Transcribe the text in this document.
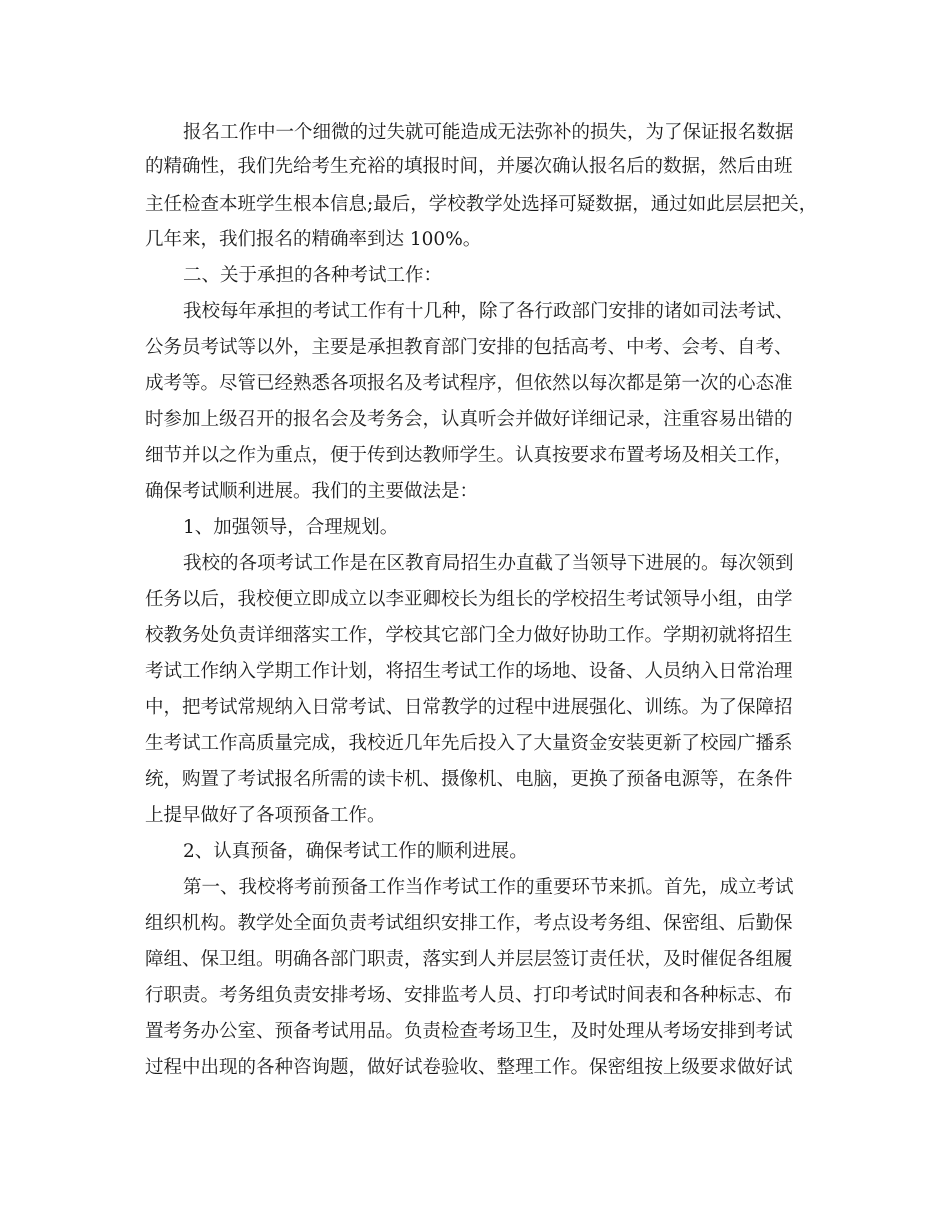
报名工作中一个细微的过失就可能造成无法弥补的损失，为了保证报名数据
的精确性，我们先给考生充裕的填报时间，并屡次确认报名后的数据，然后由班
主任检查本班学生根本信息;最后，学校教学处选择可疑数据，通过如此层层把关，
几年来，我们报名的精确率到达 100%。
二、关于承担的各种考试工作：
我校每年承担的考试工作有十几种，除了各行政部门安排的诸如司法考试、
公务员考试等以外，主要是承担教育部门安排的包括高考、中考、会考、自考、
成考等。尽管已经熟悉各项报名及考试程序，但依然以每次都是第一次的心态准
时参加上级召开的报名会及考务会，认真听会并做好详细记录，注重容易出错的
细节并以之作为重点，便于传到达教师学生。认真按要求布置考场及相关工作，
确保考试顺利进展。我们的主要做法是：
1、加强领导，合理规划。
我校的各项考试工作是在区教育局招生办直截了当领导下进展的。每次领到
任务以后，我校便立即成立以李亚卿校长为组长的学校招生考试领导小组，由学
校教务处负责详细落实工作，学校其它部门全力做好协助工作。学期初就将招生
考试工作纳入学期工作计划，将招生考试工作的场地、设备、人员纳入日常治理
中，把考试常规纳入日常考试、日常教学的过程中进展强化、训练。为了保障招
生考试工作高质量完成，我校近几年先后投入了大量资金安装更新了校园广播系
统，购置了考试报名所需的读卡机、摄像机、电脑，更换了预备电源等，在条件
上提早做好了各项预备工作。
2、认真预备，确保考试工作的顺利进展。
第一、我校将考前预备工作当作考试工作的重要环节来抓。首先，成立考试
组织机构。教学处全面负责考试组织安排工作，考点设考务组、保密组、后勤保
障组、保卫组。明确各部门职责，落实到人并层层签订责任状，及时催促各组履
行职责。考务组负责安排考场、安排监考人员、打印考试时间表和各种标志、布
置考务办公室、预备考试用品。负责检查考场卫生，及时处理从考场安排到考试
过程中出现的各种咨询题，做好试卷验收、整理工作。保密组按上级要求做好试
